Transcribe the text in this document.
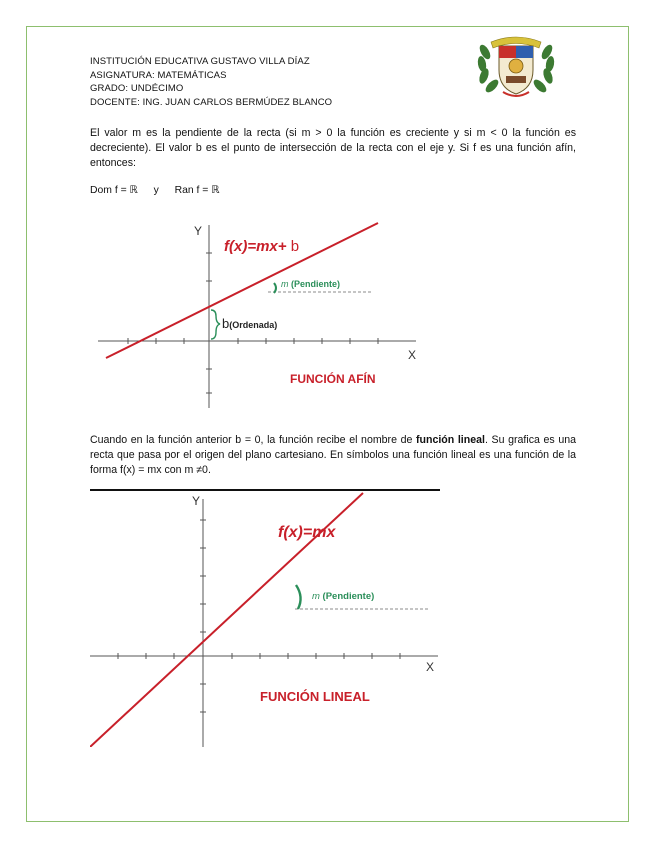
INSTITUCIÓN EDUCATIVA GUSTAVO VILLA DÍAZ
ASIGNATURA: MATEMÁTICAS
GRADO: UNDÉCIMO
DOCENTE: ING. JUAN CARLOS BERMÚDEZ BLANCO
El valor m es la pendiente de la recta (si m > 0 la función es creciente y si m < 0 la función es decreciente). El valor b es el punto de intersección de la recta con el eje y. Si f es una función afín, entonces:
Dom f = ℝ y Ran f = ℝ
Y
X
f(x)=mx+ b
m (Pendiente)
b(Ordenada)
FUNCIÓN AFÍN
Cuando en la función anterior b = 0, la función recibe el nombre de función lineal. Su grafica es una recta que pasa por el origen del plano cartesiano. En símbolos una función lineal es una función de la forma f(x) = mx con m ≠0.
Y
X
f(x)=mx
m (Pendiente)
FUNCIÓN LINEAL
